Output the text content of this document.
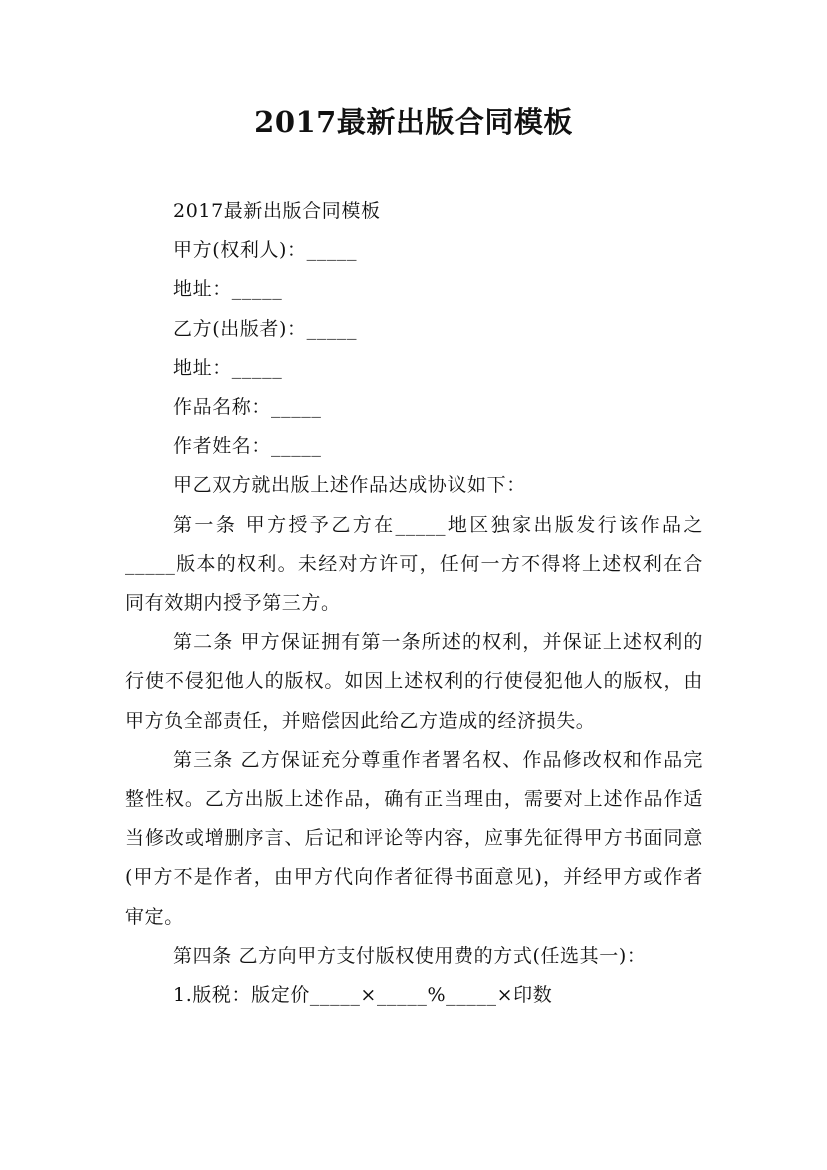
2017最新出版合同模板

2017最新出版合同模板

甲方(权利人)：_____

地址：_____

乙方(出版者)：_____

地址：_____

作品名称：_____

作者姓名：_____

甲乙双方就出版上述作品达成协议如下：

第一条 甲方授予乙方在_____地区独家出版发行该作品之_____版本的权利。未经对方许可，任何一方不得将上述权利在合同有效期内授予第三方。

第二条 甲方保证拥有第一条所述的权利，并保证上述权利的行使不侵犯他人的版权。如因上述权利的行使侵犯他人的版权，由甲方负全部责任，并赔偿因此给乙方造成的经济损失。

第三条 乙方保证充分尊重作者署名权、作品修改权和作品完整性权。乙方出版上述作品，确有正当理由，需要对上述作品作适当修改或增删序言、后记和评论等内容，应事先征得甲方书面同意(甲方不是作者，由甲方代向作者征得书面意见)，并经甲方或作者审定。

第四条 乙方向甲方支付版权使用费的方式(任选其一)：

1.版税：版定价_____×_____%_____×印数
